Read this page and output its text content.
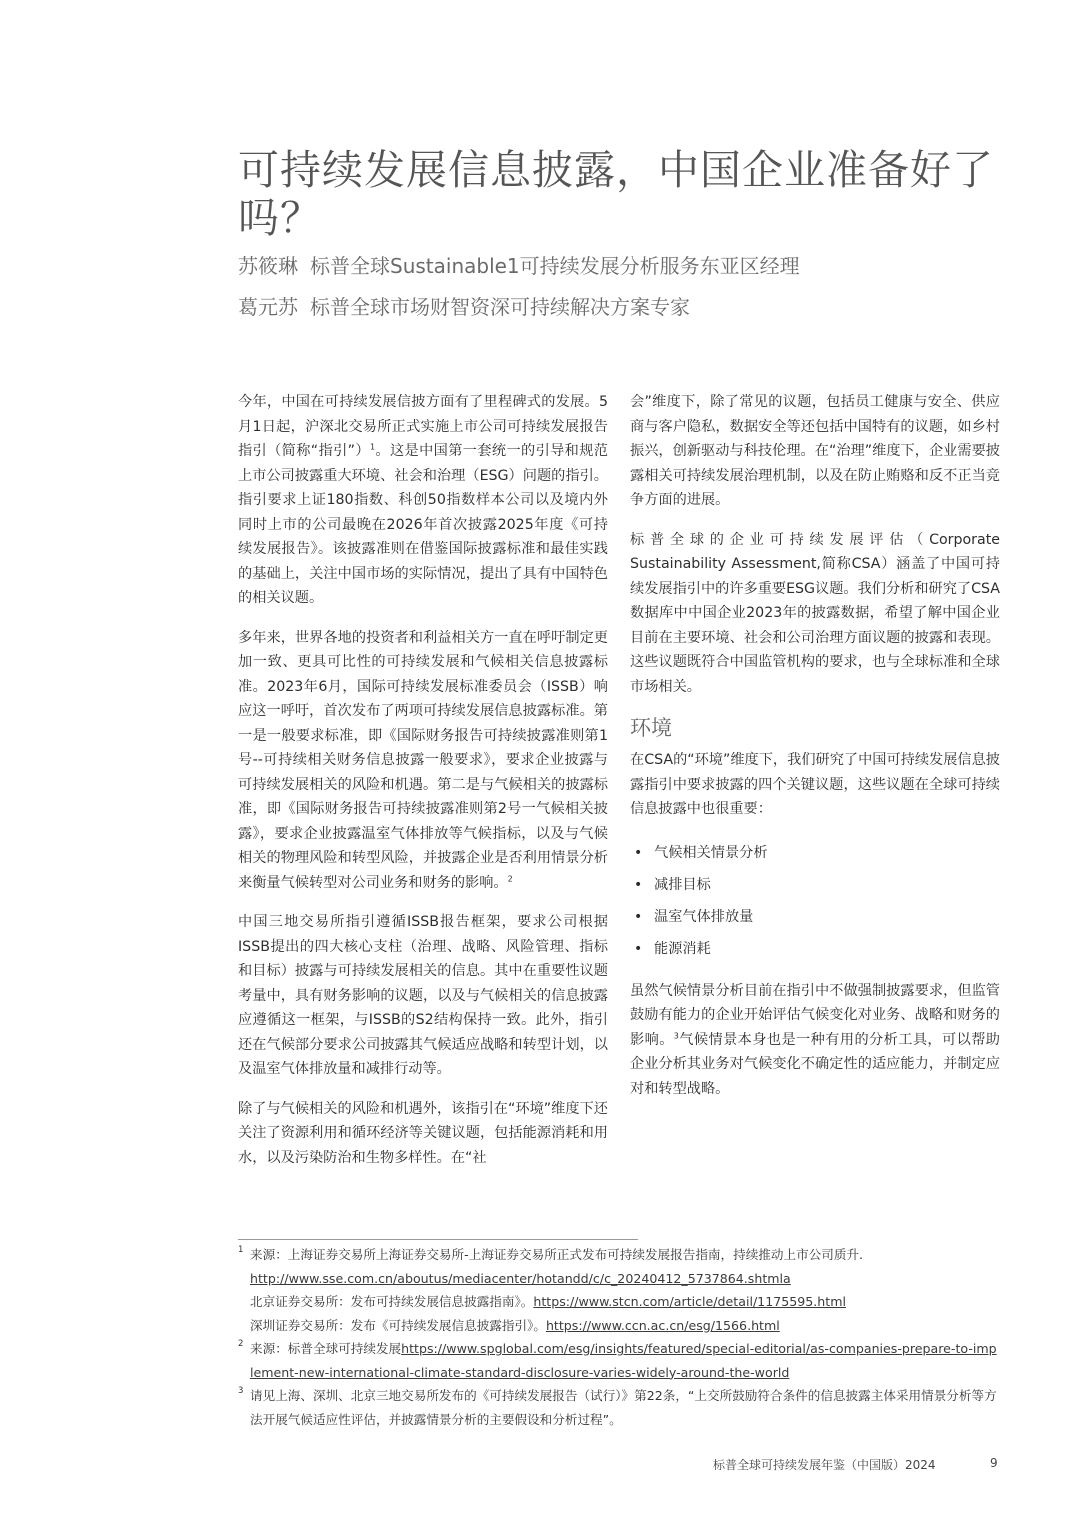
可持续发展信息披露，中国企业准备好了吗？
苏筱琳 标普全球Sustainable1可持续发展分析服务东亚区经理
葛元苏 标普全球市场财智资深可持续解决方案专家

今年，中国在可持续发展信披方面有了里程碑式的发展。5月1日起，沪深北交易所正式实施上市公司可持续发展报告指引（简称“指引”）$^1$。这是中国第一套统一的引导和规范上市公司披露重大环境、社会和治理（ESG）问题的指引。指引要求上证180指数、科创50指数样本公司以及境内外同时上市的公司最晚在2026年首次披露2025年度《可持续发展报告》。该披露准则在借鉴国际披露标准和最佳实践的基础上，关注中国市场的实际情况，提出了具有中国特色的相关议题。

多年来，世界各地的投资者和利益相关方一直在呼吁制定更加一致、更具可比性的可持续发展和气候相关信息披露标准。2023年6月，国际可持续发展标准委员会（ISSB）响应这一呼吁，首次发布了两项可持续发展信息披露标准。第一是一般要求标准，即《国际财务报告可持续披露准则第1号--可持续相关财务信息披露一般要求》，要求企业披露与可持续发展相关的风险和机遇。第二是与气候相关的披露标准，即《国际财务报告可持续披露准则第2号一气候相关披露》，要求企业披露温室气体排放等气候指标，以及与气候相关的物理风险和转型风险，并披露企业是否利用情景分析来衡量气候转型对公司业务和财务的影响。$^2$

中国三地交易所指引遵循ISSB报告框架，要求公司根据ISSB提出的四大核心支柱（治理、战略、风险管理、指标和目标）披露与可持续发展相关的信息。其中在重要性议题考量中，具有财务影响的议题，以及与气候相关的信息披露应遵循这一框架，与ISSB的S2结构保持一致。此外，指引还在气候部分要求公司披露其气候适应战略和转型计划，以及温室气体排放量和减排行动等。

除了与气候相关的风险和机遇外，该指引在“环境”维度下还关注了资源利用和循环经济等关键议题，包括能源消耗和用水，以及污染防治和生物多样性。在“社

会”维度下，除了常见的议题，包括员工健康与安全、供应商与客户隐私，数据安全等还包括中国特有的议题，如乡村振兴，创新驱动与科技伦理。在“治理”维度下，企业需要披露相关可持续发展治理机制，以及在防止贿赂和反不正当竞争方面的进展。

标普全球的企业可持续发展评估（Corporate Sustainability Assessment,简称CSA）涵盖了中国可持续发展指引中的许多重要ESG议题。我们分析和研究了CSA数据库中中国企业2023年的披露数据，希望了解中国企业目前在主要环境、社会和公司治理方面议题的披露和表现。这些议题既符合中国监管机构的要求，也与全球标准和全球市场相关。

环境

在CSA的“环境”维度下，我们研究了中国可持续发展信息披露指引中要求披露的四个关键议题，这些议题在全球可持续信息披露中也很重要：

• 气候相关情景分析
• 减排目标
• 温室气体排放量
• 能源消耗

虽然气候情景分析目前在指引中不做强制披露要求，但监管鼓励有能力的企业开始评估气候变化对业务、战略和财务的影响。$^3$气候情景本身也是一种有用的分析工具，可以帮助企业分析其业务对气候变化不确定性的适应能力，并制定应对和转型战略。

1 来源：上海证券交易所上海证券交易所-上海证券交易所正式发布可持续发展报告指南，持续推动上市公司质升.
http://www.sse.com.cn/aboutus/mediacenter/hotandd/c/c_20240412_5737864.shtmla
北京证券交易所：发布可持续发展信息披露指南》。https://www.stcn.com/article/detail/1175595.html
深圳证券交易所：发布《可持续发展信息披露指引》。https://www.ccn.ac.cn/esg/1566.html
2 来源：标普全球可持续发展https://www.spglobal.com/esg/insights/featured/special-editorial/as-companies-prepare-to-implement-new-international-climate-standard-disclosure-varies-widely-around-the-world
3 请见上海、深圳、北京三地交易所发布的《可持续发展报告（试行）》第22条，“上交所鼓励符合条件的信息披露主体采用情景分析等方法开展气候适应性评估，并披露情景分析的主要假设和分析过程”。
标普全球可持续发展年鉴（中国版）2024	9
